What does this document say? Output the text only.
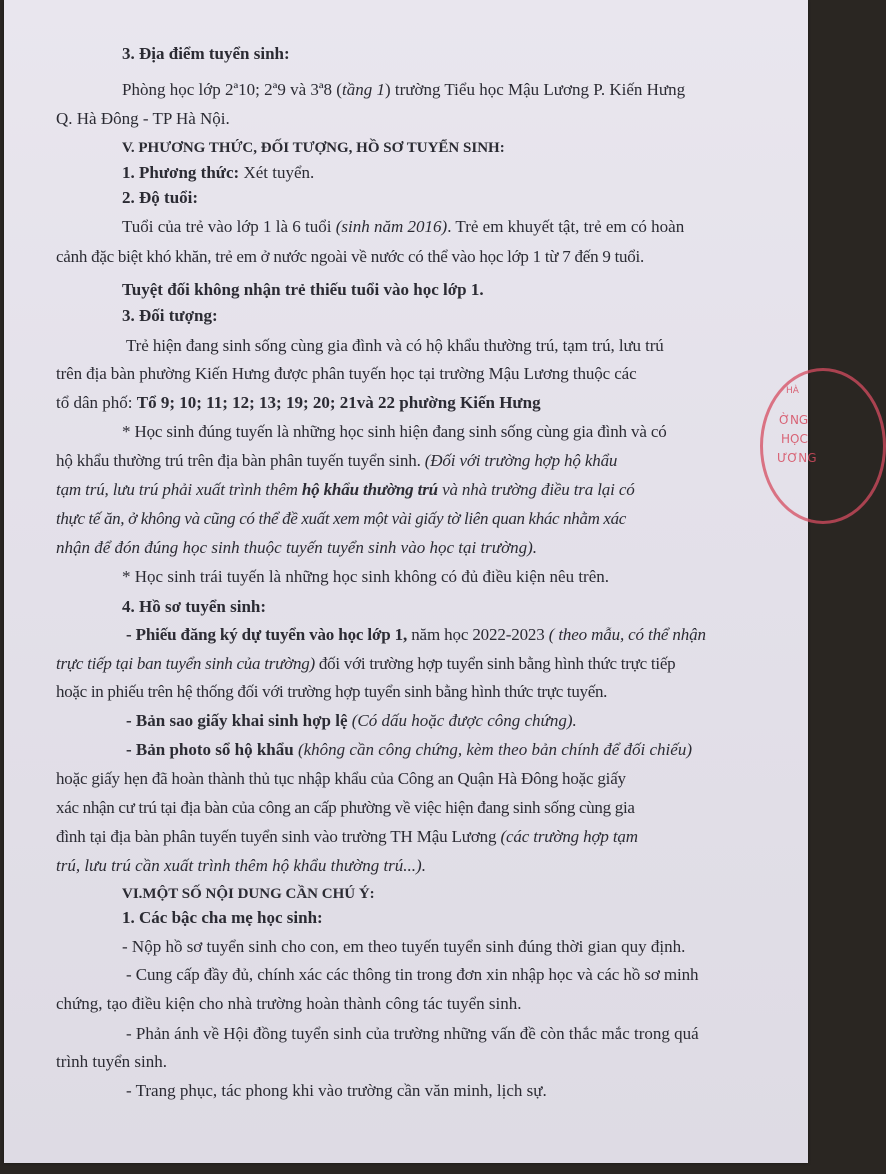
3. Địa điểm tuyển sinh:
Phòng học lớp 2ª10; 2ª9 và 3ª8 (tầng 1) trường Tiểu học Mậu Lương P. Kiến Hưng
Q. Hà Đông - TP Hà Nội.
V. PHƯƠNG THỨC, ĐỐI TƯỢNG, HỒ SƠ TUYỂN SINH:
1. Phương thức: Xét tuyển.
2. Độ tuổi:
Tuổi của trẻ vào lớp 1 là 6 tuổi (sinh năm 2016). Trẻ em khuyết tật, trẻ em có hoàn
cảnh đặc biệt khó khăn, trẻ em ở nước ngoài về nước có thể vào học lớp 1 từ 7 đến 9 tuổi.
Tuyệt đối không nhận trẻ thiếu tuổi vào học lớp 1.
3. Đối tượng:
Trẻ hiện đang sinh sống cùng gia đình và có hộ khẩu thường trú, tạm trú, lưu trú
trên địa bàn phường Kiến Hưng được phân tuyến học tại trường Mậu Lương thuộc các
tổ dân phố: Tổ 9; 10; 11; 12; 13; 19; 20; 21và 22 phường Kiến Hưng
* Học sinh đúng tuyến là những học sinh hiện đang sinh sống cùng gia đình và có
hộ khẩu thường trú trên địa bàn phân tuyến tuyển sinh. (Đối với trường hợp hộ khẩu
tạm trú, lưu trú phải xuất trình thêm hộ khẩu thường trú và nhà trường điều tra lại có
thực tế ăn, ở không và cũng có thể đề xuất xem một vài giấy tờ liên quan khác nhằm xác
nhận để đón đúng học sinh thuộc tuyến tuyển sinh vào học tại trường).
* Học sinh trái tuyến là những học sinh không có đủ điều kiện nêu trên.
4. Hồ sơ tuyển sinh:
- Phiếu đăng ký dự tuyển vào học lớp 1, năm học 2022-2023 ( theo mẫu, có thể nhận
trực tiếp tại ban tuyển sinh của trường) đối với trường hợp tuyển sinh bằng hình thức trực tiếp
hoặc in phiếu trên hệ thống đối với trường hợp tuyển sinh bằng hình thức trực tuyến.
- Bản sao giấy khai sinh hợp lệ (Có dấu hoặc được công chứng).
- Bản photo sổ hộ khẩu (không cần công chứng, kèm theo bản chính để đối chiếu)
hoặc giấy hẹn đã hoàn thành thủ tục nhập khẩu của Công an Quận Hà Đông hoặc giấy
xác nhận cư trú tại địa bàn của công an cấp phường về việc hiện đang sinh sống cùng gia
đình tại địa bàn phân tuyến tuyển sinh vào trường TH Mậu Lương (các trường hợp tạm
trú, lưu trú cần xuất trình thêm hộ khẩu thường trú...).
VI.MỘT SỐ NỘI DUNG CẦN CHÚ Ý:
1. Các bậc cha mẹ học sinh:
- Nộp hồ sơ tuyển sinh cho con, em theo tuyến tuyển sinh đúng thời gian quy định.
- Cung cấp đầy đủ, chính xác các thông tin trong đơn xin nhập học và các hồ sơ minh
chứng, tạo điều kiện cho nhà trường hoàn thành công tác tuyển sinh.
- Phản ánh về Hội đồng tuyển sinh của trường những vấn đề còn thắc mắc trong quá
trình tuyển sinh.
- Trang phục, tác phong khi vào trường cần văn minh, lịch sự.
HÀ
ỜNG
HỌC
ƯƠNG
